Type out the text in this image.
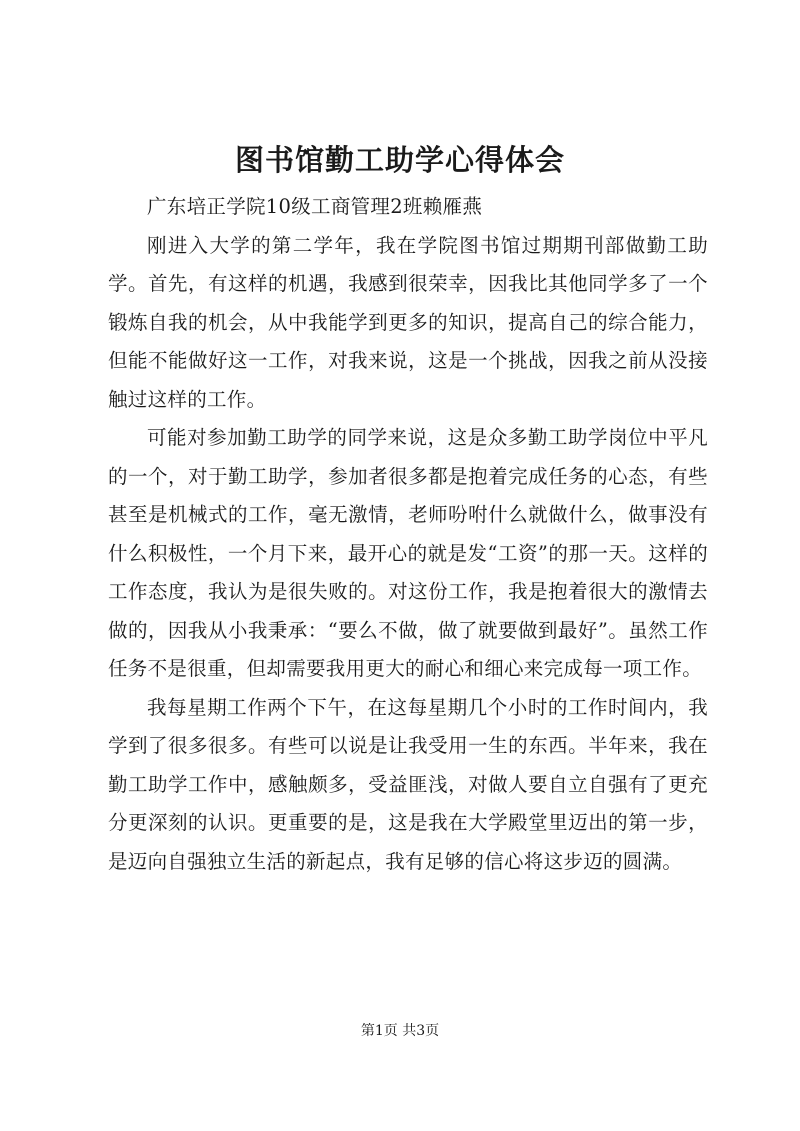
图书馆勤工助学心得体会

广东培正学院10级工商管理2班赖雁燕

刚进入大学的第二学年，我在学院图书馆过期期刊部做勤工助学。首先，有这样的机遇，我感到很荣幸，因我比其他同学多了一个锻炼自我的机会，从中我能学到更多的知识，提高自己的综合能力，但能不能做好这一工作，对我来说，这是一个挑战，因我之前从没接触过这样的工作。

可能对参加勤工助学的同学来说，这是众多勤工助学岗位中平凡的一个，对于勤工助学，参加者很多都是抱着完成任务的心态，有些甚至是机械式的工作，毫无激情，老师吩咐什么就做什么，做事没有什么积极性，一个月下来，最开心的就是发“工资”的那一天。这样的工作态度，我认为是很失败的。对这份工作，我是抱着很大的激情去做的，因我从小我秉承：“要么不做，做了就要做到最好”。虽然工作任务不是很重，但却需要我用更大的耐心和细心来完成每一项工作。

我每星期工作两个下午，在这每星期几个小时的工作时间内，我学到了很多很多。有些可以说是让我受用一生的东西。半年来，我在勤工助学工作中，感触颇多，受益匪浅，对做人要自立自强有了更充分更深刻的认识。更重要的是，这是我在大学殿堂里迈出的第一步，是迈向自强独立生活的新起点，我有足够的信心将这步迈的圆满。

第1页 共3页
